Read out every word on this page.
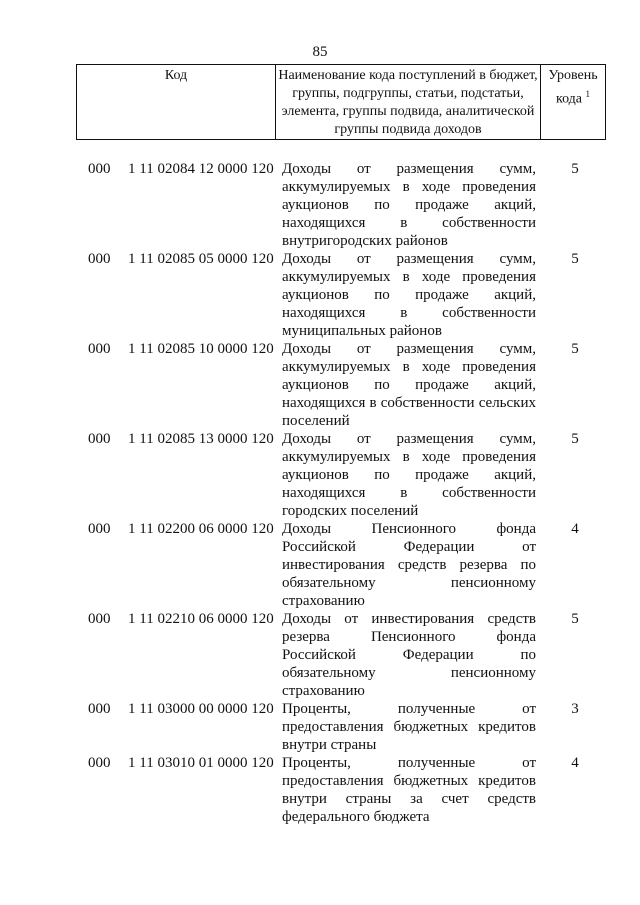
85
Код	Наименование кода поступлений в бюджет, группы, подгруппы, статьи, подстатьи, элемента, группы подвида, аналитической группы подвида доходов
Уровень кода $^1$
000 1 11 02084 12 0000 120 Доходы от размещения сумм, аккумулируемых в ходе проведения аукционов по продаже акций, находящихся в собственности внутригородских районов
5
000 1 11 02085 05 0000 120 Доходы от размещения сумм, аккумулируемых в ходе проведения аукционов по продаже акций, находящихся в собственности муниципальных районов
5
000 1 11 02085 10 0000 120 Доходы от размещения сумм, аккумулируемых в ходе проведения аукционов по продаже акций, находящихся в собственности сельских поселений
5
000 1 11 02085 13 0000 120 Доходы от размещения сумм, аккумулируемых в ходе проведения аукционов по продаже акций, находящихся в собственности городских поселений
5
000 1 11 02200 06 0000 120 Доходы Пенсионного фонда Российской Федерации от инвестирования средств резерва по обязательному пенсионному страхованию
4
000 1 11 02210 06 0000 120 Доходы от инвестирования средств резерва Пенсионного фонда Российской Федерации по обязательному пенсионному страхованию
5
000 1 11 03000 00 0000 120 Проценты, полученные от предоставления бюджетных кредитов внутри страны
3
000 1 11 03010 01 0000 120 Проценты, полученные от предоставления бюджетных кредитов внутри страны за счет средств федерального бюджета
4
